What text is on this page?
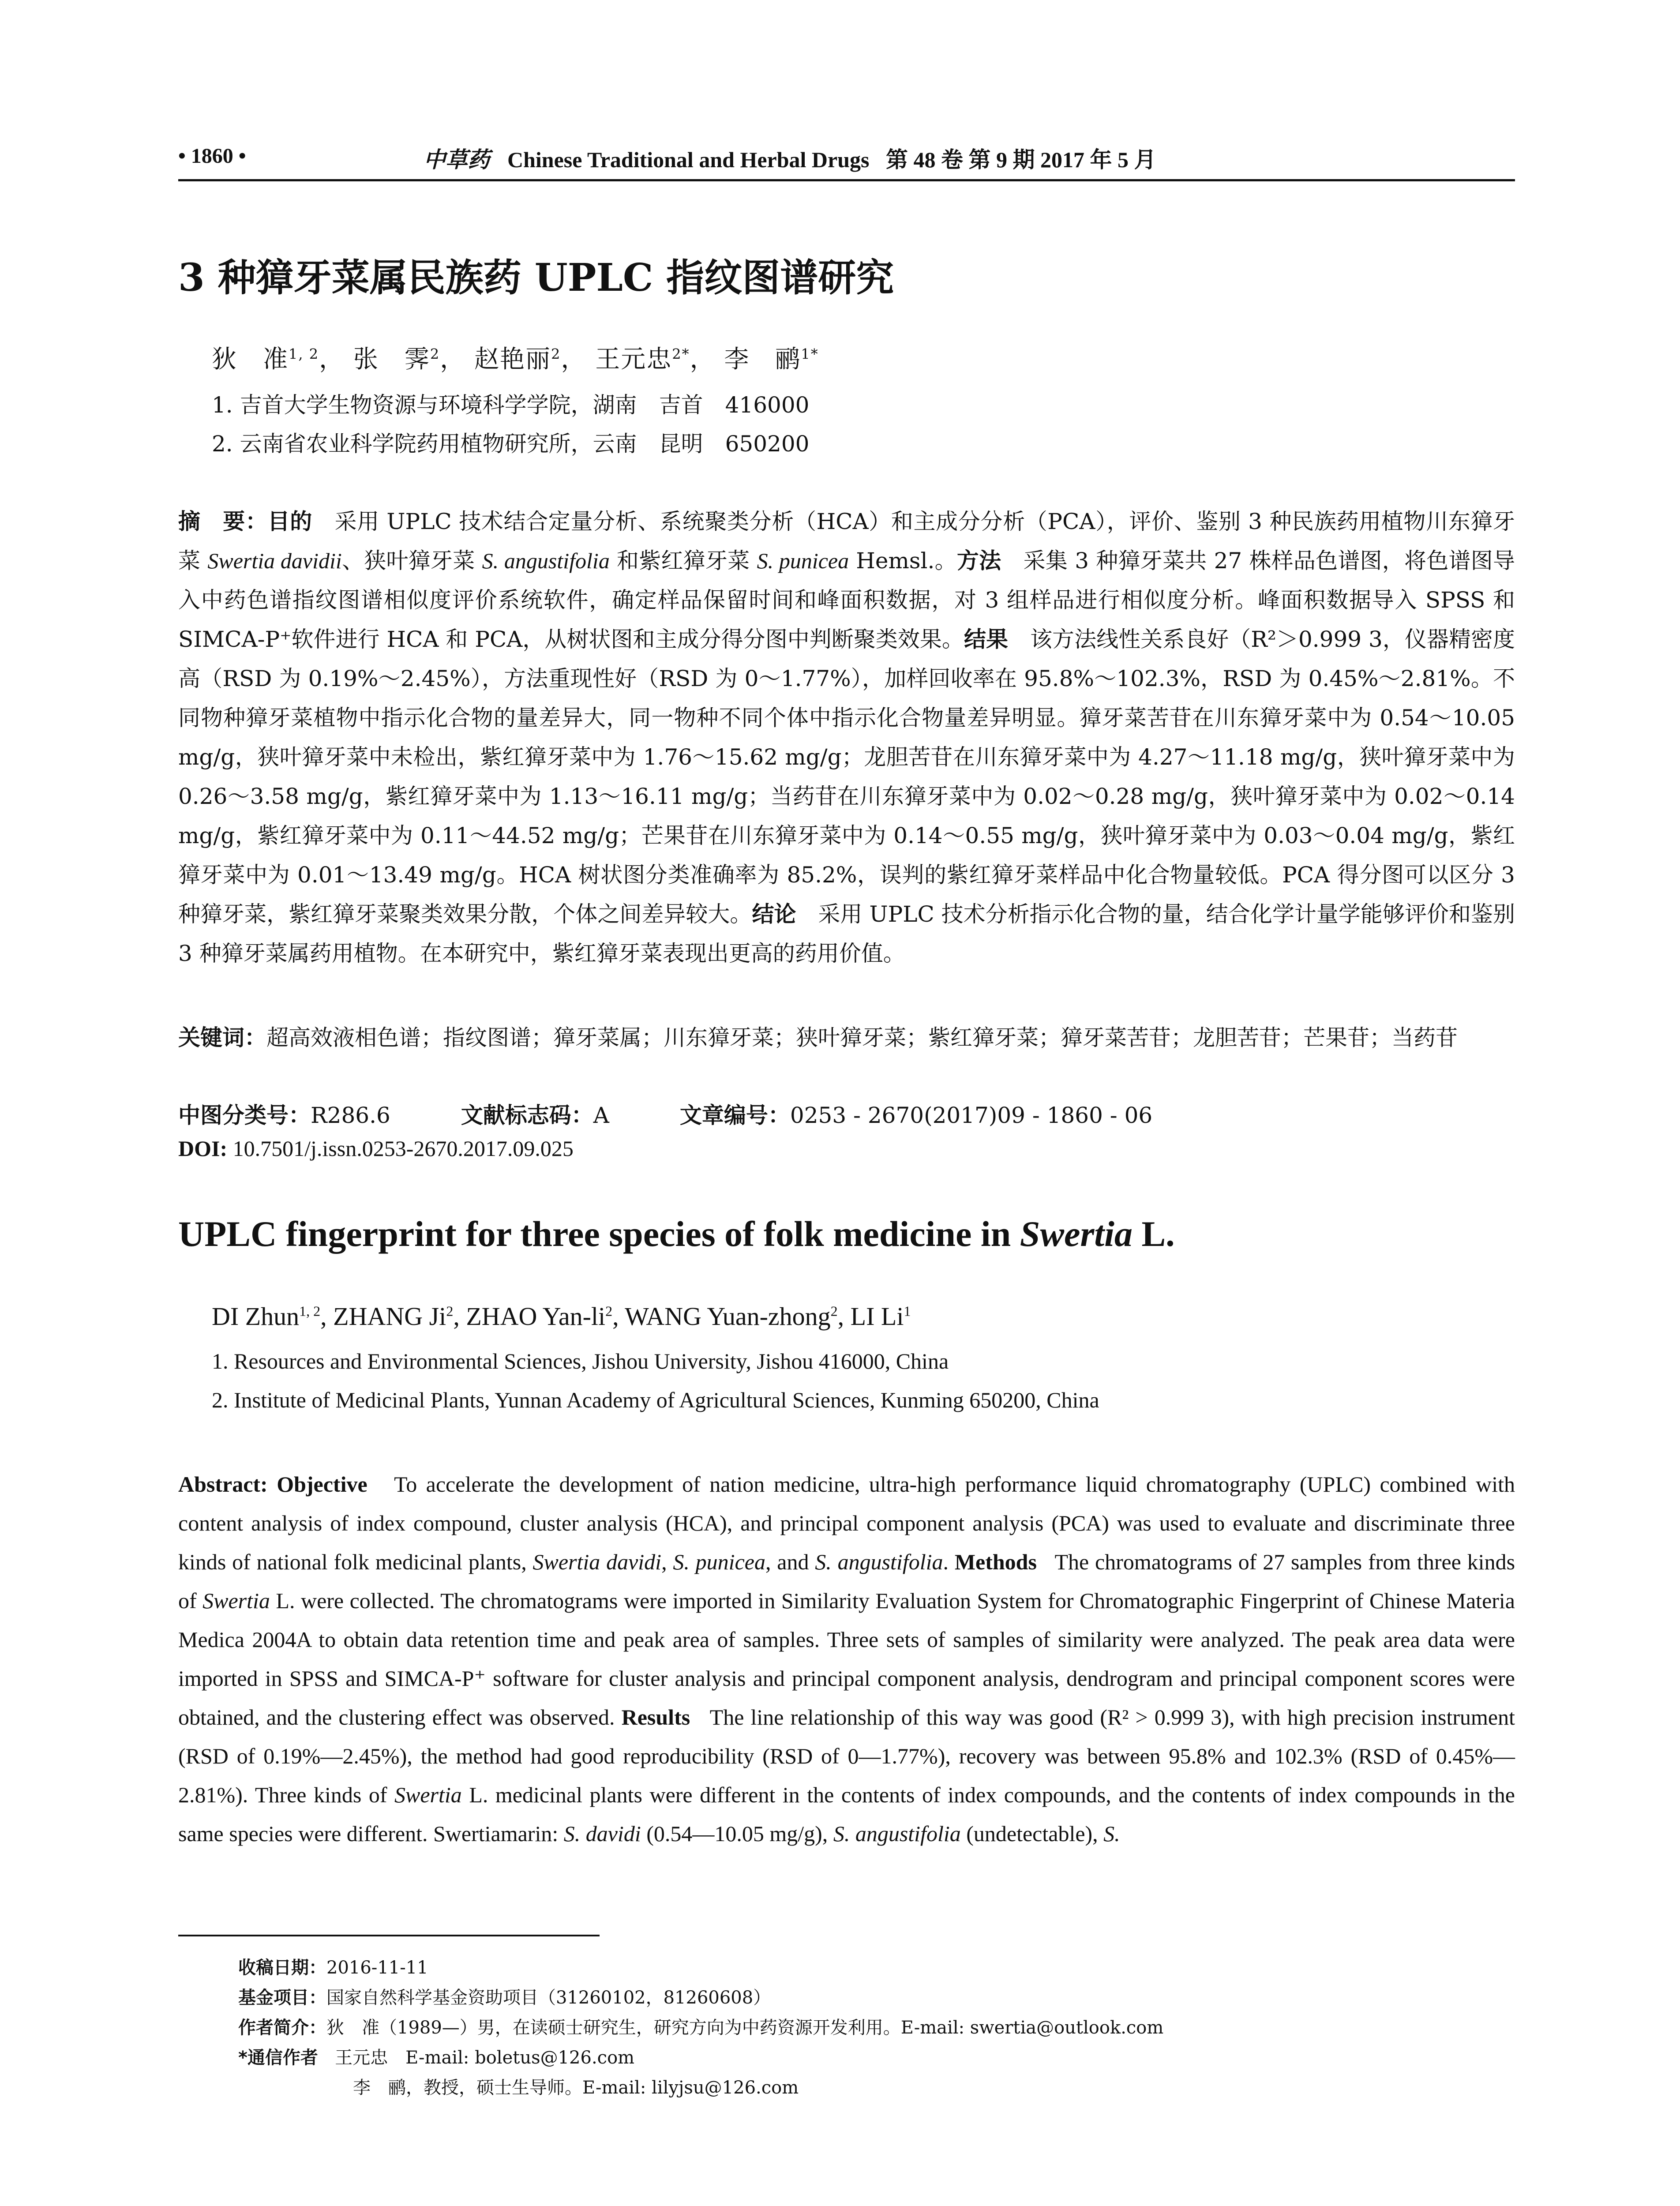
• 1860 •	中草药 Chinese Traditional and Herbal Drugs 第 48 卷 第 9 期 2017 年 5 月
3 种獐牙菜属民族药 UPLC 指纹图谱研究
狄　准$^{1, 2}$， 张　霁$^2$， 赵艳丽$^2$， 王元忠$^{2*}$， 李　鹂$^{1*}$
1. 吉首大学生物资源与环境科学学院，湖南　吉首　416000
2. 云南省农业科学院药用植物研究所，云南　昆明　650200
摘　要：目的　 采用 UPLC 技术结合定量分析、系统聚类分析（HCA）和主成分分析（PCA），评价、鉴别 3 种民族药用植物川东獐牙菜 Swertia davidii、狭叶獐牙菜 S. angustifolia 和紫红獐牙菜 S. punicea Hemsl.。方法　 采集 3 种獐牙菜共 27 株样品色谱图，将色谱图导入中药色谱指纹图谱相似度评价系统软件，确定样品保留时间和峰面积数据，对 3 组样品进行相似度分析。峰面积数据导入 SPSS 和 SIMCA-P⁺软件进行 HCA 和 PCA，从树状图和主成分得分图中判断聚类效果。结果　 该方法线性关系良好（R²＞0.999 3，仪器精密度高（RSD 为 0.19%～2.45%），方法重现性好（RSD 为 0～1.77%），加样回收率在 95.8%～102.3%，RSD 为 0.45%～2.81%。不同物种獐牙菜植物中指示化合物的量差异大，同一物种不同个体中指示化合物量差异明显。獐牙菜苦苷在川东獐牙菜中为 0.54～10.05 mg/g，狭叶獐牙菜中未检出，紫红獐牙菜中为 1.76～15.62 mg/g；龙胆苦苷在川东獐牙菜中为 4.27～11.18 mg/g，狭叶獐牙菜中为 0.26～3.58 mg/g，紫红獐牙菜中为 1.13～16.11 mg/g；当药苷在川东獐牙菜中为 0.02～0.28 mg/g，狭叶獐牙菜中为 0.02～0.14 mg/g，紫红獐牙菜中为 0.11～44.52 mg/g；芒果苷在川东獐牙菜中为 0.14～0.55 mg/g，狭叶獐牙菜中为 0.03～0.04 mg/g，紫红獐牙菜中为 0.01～13.49 mg/g。HCA 树状图分类准确率为 85.2%，误判的紫红獐牙菜样品中化合物量较低。PCA 得分图可以区分 3 种獐牙菜，紫红獐牙菜聚类效果分散，个体之间差异较大。结论　 采用 UPLC 技术分析指示化合物的量，结合化学计量学能够评价和鉴别 3 种獐牙菜属药用植物。在本研究中，紫红獐牙菜表现出更高的药用价值。
关键词：超高效液相色谱；指纹图谱；獐牙菜属；川东獐牙菜；狭叶獐牙菜；紫红獐牙菜；獐牙菜苦苷；龙胆苦苷；芒果苷；当药苷
中图分类号：R286.6	文献标志码：A	文章编号：0253 - 2670(2017)09 - 1860 - 06
DOI: 10.7501/j.issn.0253-2670.2017.09.025
UPLC fingerprint for three species of folk medicine in Swertia L.
DI Zhun$^{1, 2}$, ZHANG Ji$^2$, ZHAO Yan-$li^2$, WANG Yuan-zhong$^2$, LI Li$^1$
1. Resources and Environmental Sciences, Jishou University, Jishou 416000, China
2. Institute of Medicinal Plants, Yunnan Academy of Agricultural Sciences, Kunming 650200, China
Abstract: Objective To accelerate the development of nation medicine, ultra-high performance liquid chromatography (UPLC) combined with content analysis of index compound, cluster analysis (HCA), and principal component analysis (PCA) was used to evaluate and discriminate three kinds of national folk medicinal plants, Swertia davidi, S. punicea, and S. angustifolia. Methods The chromatograms of 27 samples from three kinds of Swertia L. were collected. The chromatograms were imported in Similarity Evaluation System for Chromatographic Fingerprint of Chinese Materia Medica 2004A to obtain data retention time and peak area of samples. Three sets of samples of similarity were analyzed. The peak area data were imported in SPSS and SIMCA-P⁺ software for cluster analysis and principal component analysis, dendrogram and principal component scores were obtained, and the clustering effect was observed. Results The line relationship of this way was good (R² > 0.999 3), with high precision instrument (RSD of 0.19%—2.45%), the method had good reproducibility (RSD of 0—1.77%), recovery was between 95.8% and 102.3% (RSD of 0.45%—2.81%). Three kinds of Swertia L. medicinal plants were different in the contents of index compounds, and the contents of index compounds in the same species were different. Swertiamarin: S. davidi (0.54—10.05 mg/g), S. angustifolia (undetectable), S.
收稿日期：2016-11-11
基金项目：国家自然科学基金资助项目（31260102，81260608）
作者简介：狄　准（1989—）男，在读硕士研究生，研究方向为中药资源开发利用。E-mail: swertia@outlook.com
*通信作者 王元忠　E-mail: boletus@126.com
李　鹂，教授，硕士生导师。E-mail: lilyjsu@126.com
